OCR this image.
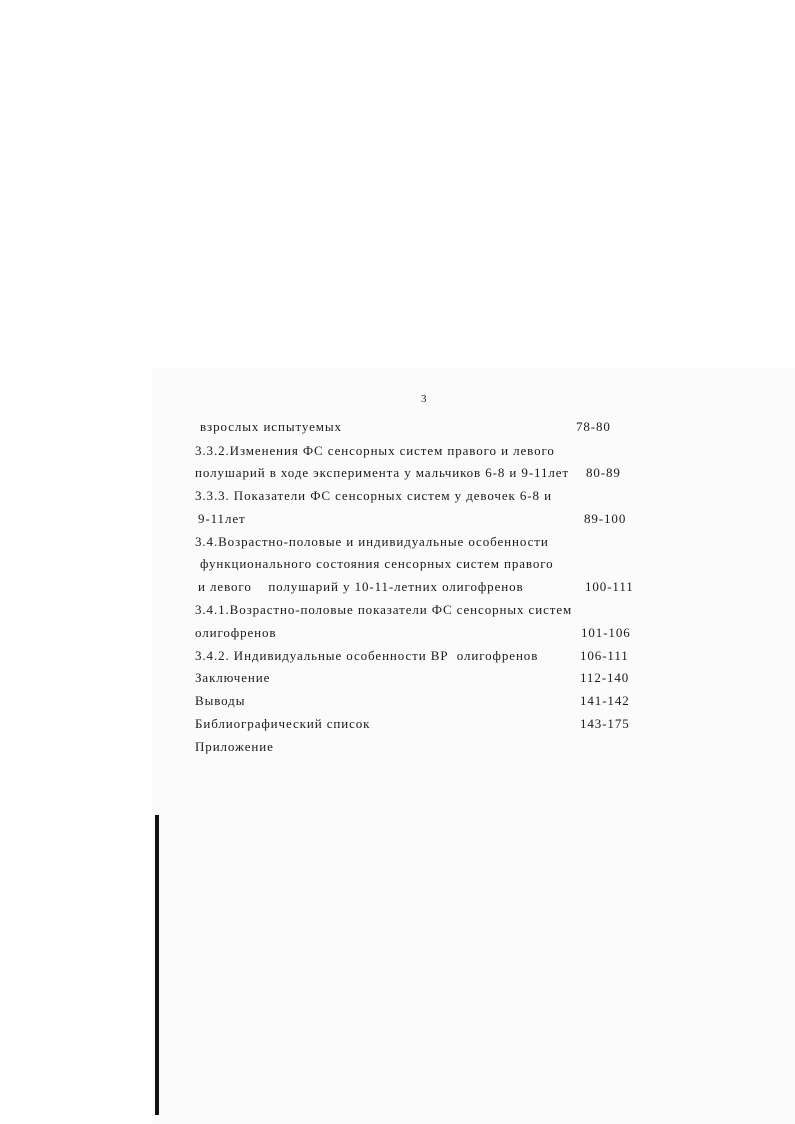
3
взрослых испытуемых	78-80
3.3.2.Изменения ФС сенсорных систем правого и левого
полушарий в ходе эксперимента у мальчиков 6-8 и 9-11лет 80-89
3.3.3. Показатели ФС сенсорных систем у девочек 6-8 и
9-11лет	89-100
3.4.Возрастно-половые и индивидуальные особенности
функционального состояния сенсорных систем правого
и левого    полушарий у 10-11-летних олигофренов	100-111
3.4.1.Возрастно-половые показатели ФС сенсорных систем
олигофренов	101-106
3.4.2. Индивидуальные особенности ВР  олигофренов	106-111
Заключение	112-140
Выводы	141-142
Библиографический список	143-175
Приложение
